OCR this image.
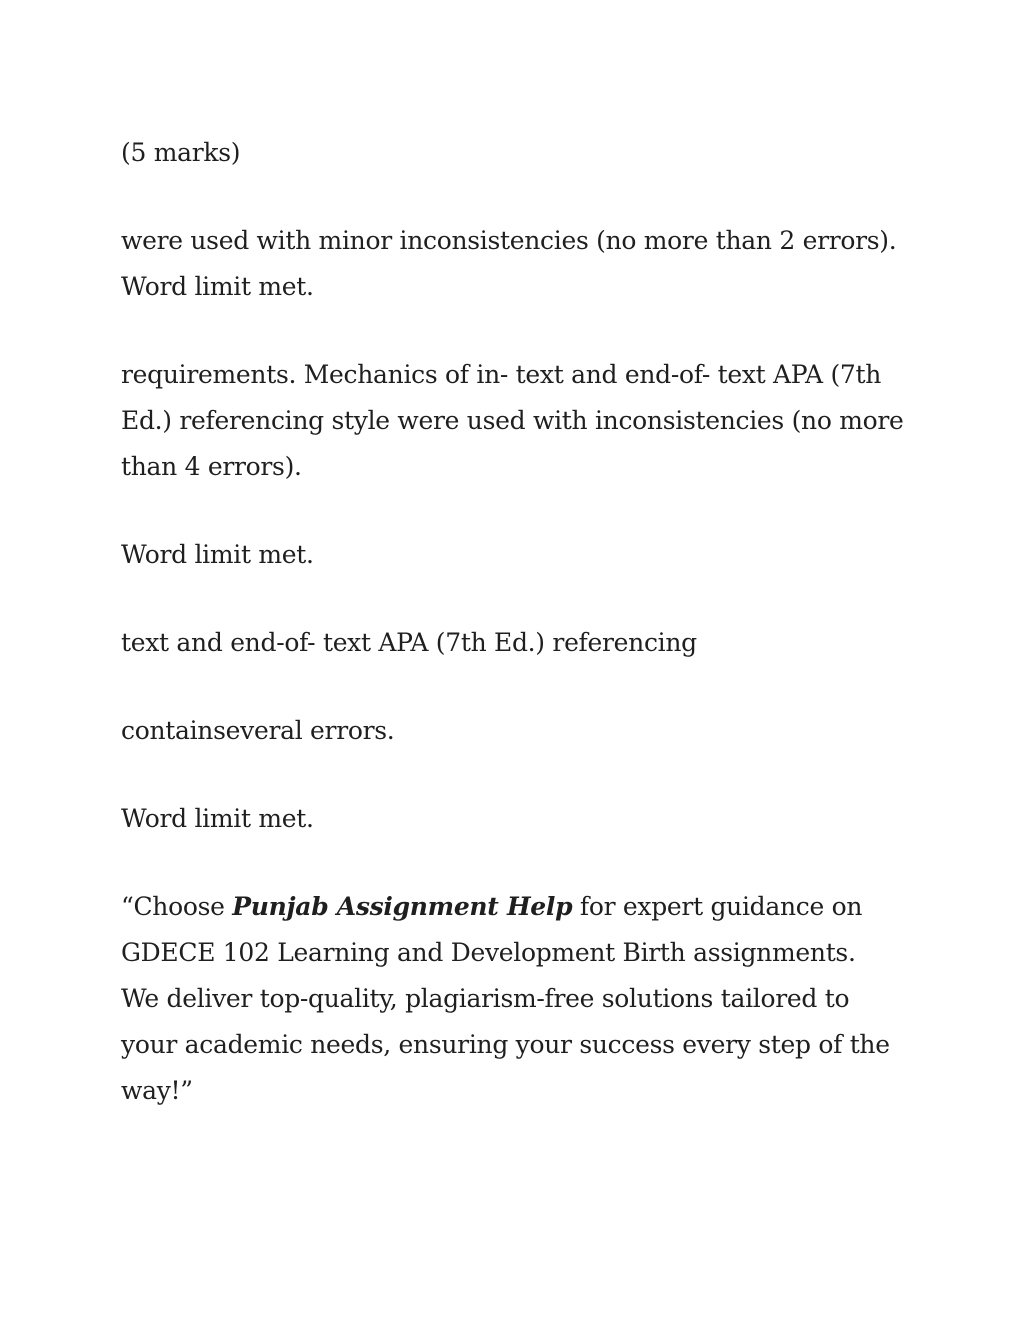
(5 marks)

were used with minor inconsistencies (no more than 2 errors).
Word limit met.

requirements. Mechanics of in- text and end-of- text APA (7th
Ed.) referencing style were used with inconsistencies (no more
than 4 errors).

Word limit met.

text and end-of- text APA (7th Ed.) referencing

containseveral errors.

Word limit met.

“Choose Punjab Assignment Help for expert guidance on
GDECE 102 Learning and Development Birth assignments.
We deliver top-quality, plagiarism-free solutions tailored to
your academic needs, ensuring your success every step of the
way!”
